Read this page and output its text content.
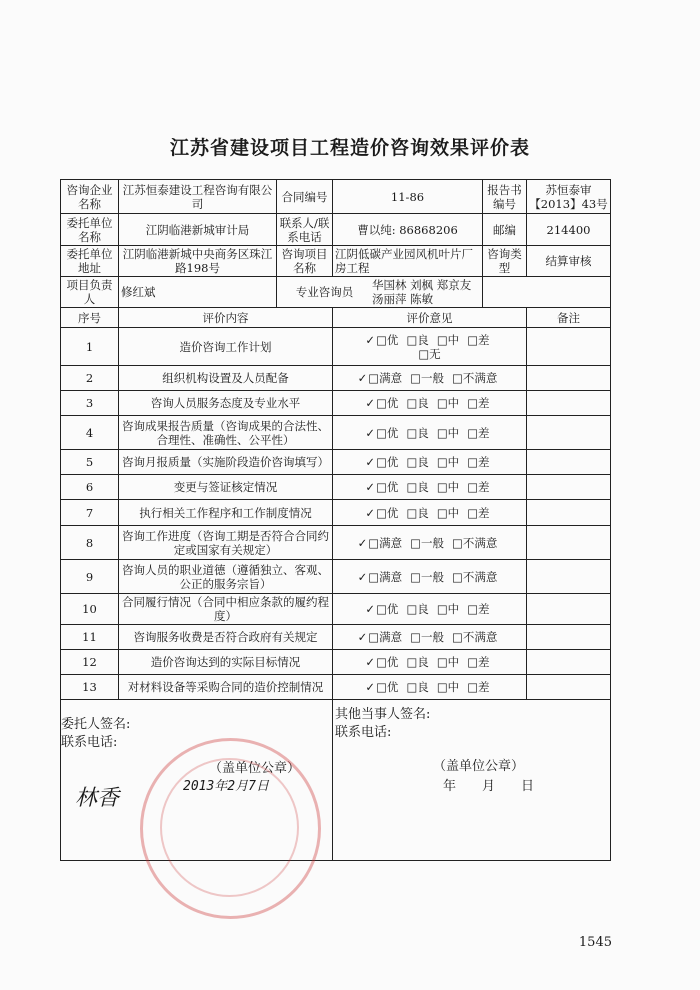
江苏省建设项目工程造价咨询效果评价表
咨询企业名称	江苏恒泰建设工程咨询有限公司	合同编号	11-86	报告书编号	苏恒泰审【2013】43号
委托单位名称	江阴临港新城审计局	联系人/联系电话	曹以纯: 86868206	邮编	214400
委托单位地址	江阴临港新城中央商务区珠江路198号	咨询项目名称	江阴低碳产业园风机叶片厂房工程	咨询类型	结算审核
项目负责人	修红斌	专业咨询员 华国林 刘枫 郑京友 汤丽萍 陈敏			

序号	评价内容		评价意见		备注
1	造价咨询工作计划		✓□优 □良 □中 □差
□无		
2	组织机构设置及人员配备		✓□满意 □一般 □不满意		
3	咨询人员服务态度及专业水平		✓□优 □良 □中 □差		
4	咨询成果报告质量（咨询成果的合法性、合理性、准确性、公平性）		✓□优 □良 □中 □差		
5	咨询月报质量（实施阶段造价咨询填写）		✓□优 □良 □中 □差		
6	变更与签证核定情况		✓□优 □良 □中 □差		
7	执行相关工作程序和工作制度情况		✓□优 □良 □中 □差		
8	咨询工作进度（咨询工期是否符合合同约定或国家有关规定）		✓□满意 □一般 □不满意		
9	咨询人员的职业道德（遵循独立、客观、公正的服务宗旨）		✓□满意 □一般 □不满意		
10	合同履行情况（合同中相应条款的履约程度）		✓□优 □良 □中 □差		
11	咨询服务收费是否符合政府有关规定		✓□满意 □一般 □不满意		
12	造价咨询达到的实际目标情况		✓□优 □良 □中 □差		
13	对材料设备等采购合同的造价控制情况		✓□优 □良 □中 □差		

委托人签名:
联系电话:
（盖单位公章）
2013年2月7日
林香			其他当事人签名:
联系电话:
（盖单位公章）
年　　月　　日		
1545
